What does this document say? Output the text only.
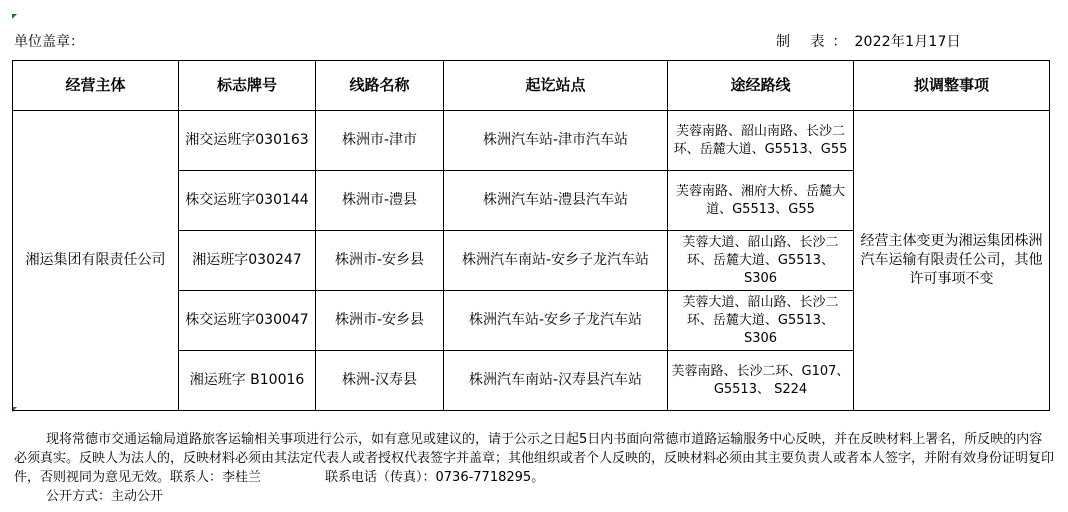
单位盖章：	制 表：2022年1月17日
经营主体	标志牌号	线路名称	起讫站点	途经路线	拟调整事项
湘运集团有限责任公司	湘交运班字030163	株洲市-津市	株洲汽车站-津市汽车站	芙蓉南路、韶山南路、长沙二环、岳麓大道、G5513、G55	经营主体变更为湘运集团株洲汽车运输有限责任公司，其他许可事项不变
	株交运班字030144	株洲市-澧县	株洲汽车站-澧县汽车站	芙蓉南路、湘府大桥、岳麓大道、G5513、G55	
	湘运班字030247	株洲市-安乡县	株洲汽车南站-安乡子龙汽车站	芙蓉大道、韶山路、长沙二环、岳麓大道、G5513、S306	
	株交运班字030047	株洲市-安乡县	株洲汽车站-安乡子龙汽车站	芙蓉大道、韶山路、长沙二环、岳麓大道、G5513、S306	
	湘运班字 B10016	株洲-汉寿县	株洲汽车南站-汉寿县汽车站	芙蓉南路、长沙二环、G107、G5513、 S224	

现将常德市交通运输局道路旅客运输相关事项进行公示，如有意见或建议的，请于公示之日起5日内书面向常德市道路运输服务中心反映，并在反映材料上署名，所反映的内容必须真实。反映人为法人的，反映材料必须由其法定代表人或者授权代表签字并盖章；其他组织或者个人反映的，反映材料必须由其主要负责人或者本人签字，并附有效身份证明复印件，否则视同为意见无效。联系人：李桂兰	联系电话（传真）：0736-7718295。

公开方式：主动公开
